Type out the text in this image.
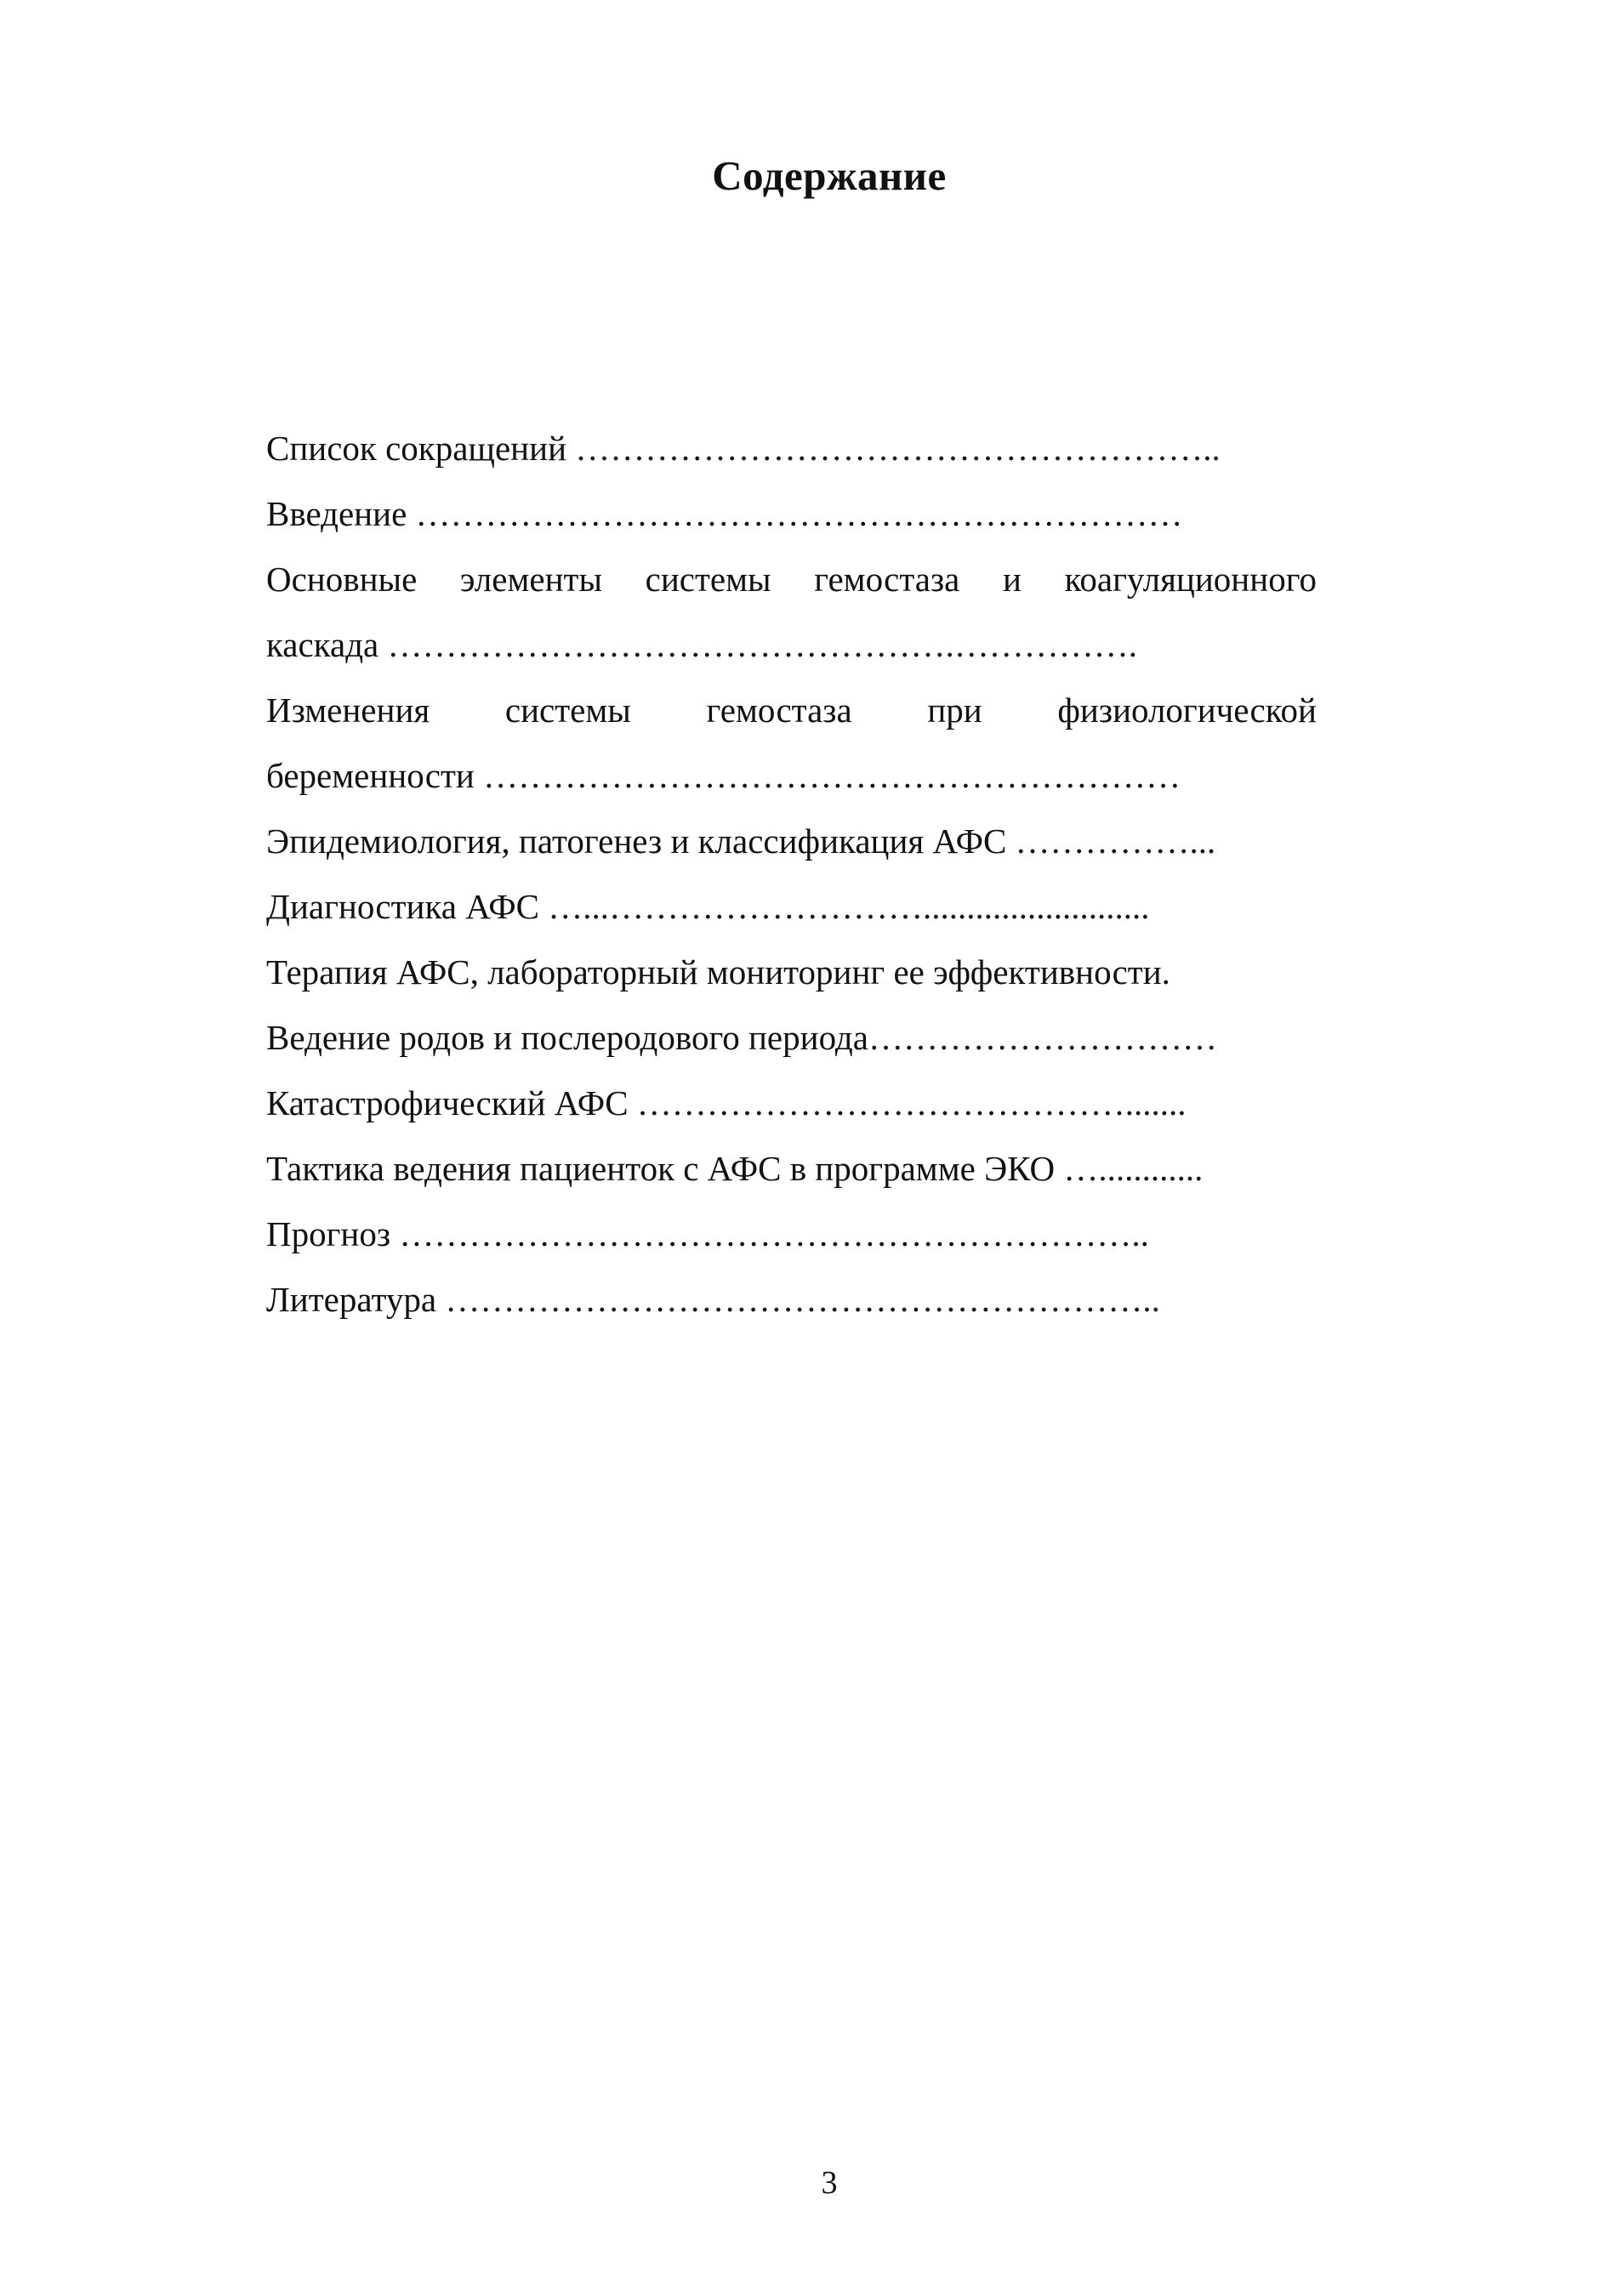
Содержание
Список сокращений ………………………………………………..
Введение …………………………………………………………
Основные элементы системы гемостаза и коагуляционного
каскада ………………………………………….…………….
Изменения системы гемостаза при физиологической
беременности ……………………………………………………
Эпидемиология, патогенез и классификация АФС ……………...
Диагностика АФС …...………………………..........................
Терапия АФС, лабораторный мониторинг ее эффективности.
Ведение родов и послеродового периода…………………………
Катастрофический АФС …………………………………….......
Тактика ведения пациенток с АФС в программе ЭКО …............
Прогноз ………………………………………………………..
Литература ……………………………………………………..
3
